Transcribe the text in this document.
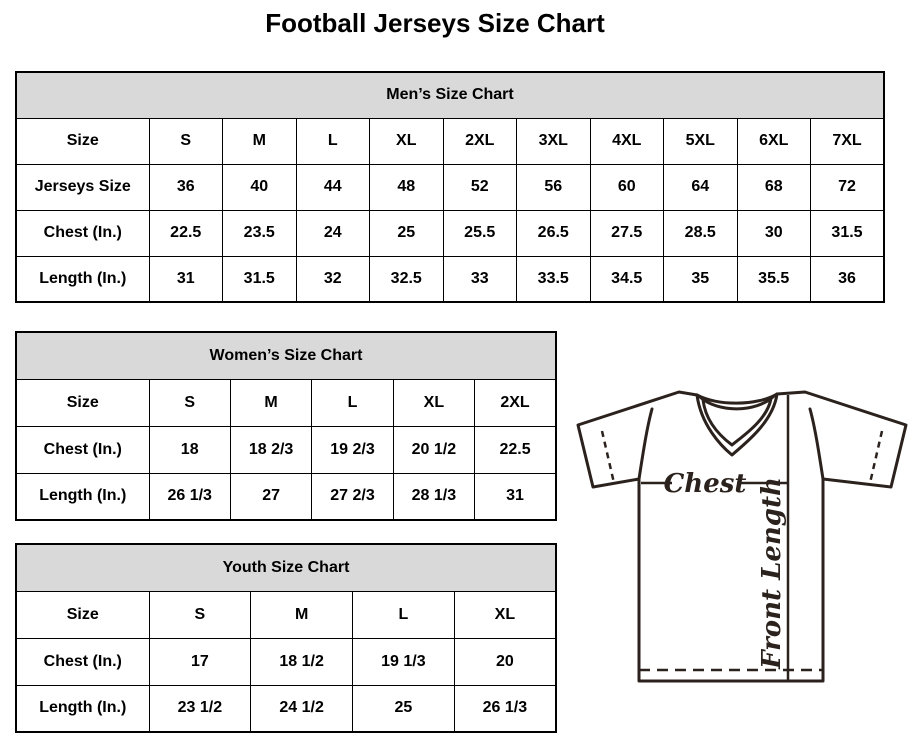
Football Jerseys Size Chart
Men’s Size Chart										
Size	S	M	L	XL	2XL	3XL	4XL	5XL	6XL	7XL
Jerseys Size	36	40	44	48	52	56	60	64	68	72
Chest (In.)	22.5	23.5	24	25	25.5	26.5	27.5	28.5	30	31.5
Length (In.)	31	31.5	32	32.5	33	33.5	34.5	35	35.5	36
Women’s Size Chart					
Size	S	M	L	XL	2XL
Chest (In.)	18	18 2/3	19 2/3	20 1/2	22.5
Length (In.)	26 1/3	27	27 2/3	28 1/3	31
Youth Size Chart				
Size	S	M	L	XL
Chest (In.)	17	18 1/2	19 1/3	20
Length (In.)	23 1/2	24 1/2	25	26 1/3
Chest Front Length
